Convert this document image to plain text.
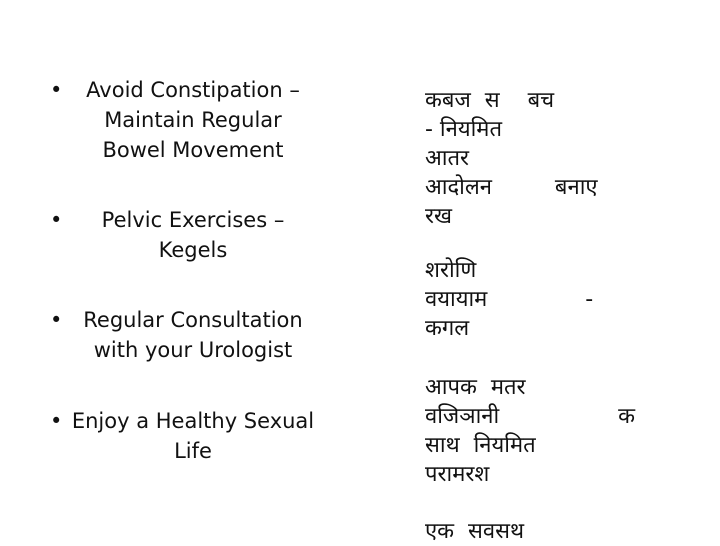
•	Avoid Constipation –
Maintain Regular
Bowel Movement
•	Pelvic Exercises –
Kegels
• Regular Consultation
with your Urologist
• Enjoy a Healthy Sexual
Life
कबज  स    बच
- नियमित
आतर
आदोलन         बनाए
रख
शरोणि
वयायाम              -
कगल
आपक  मतर
वजिञानी                 क
साथ  नियमित
परामरश
एक  सवसथ
